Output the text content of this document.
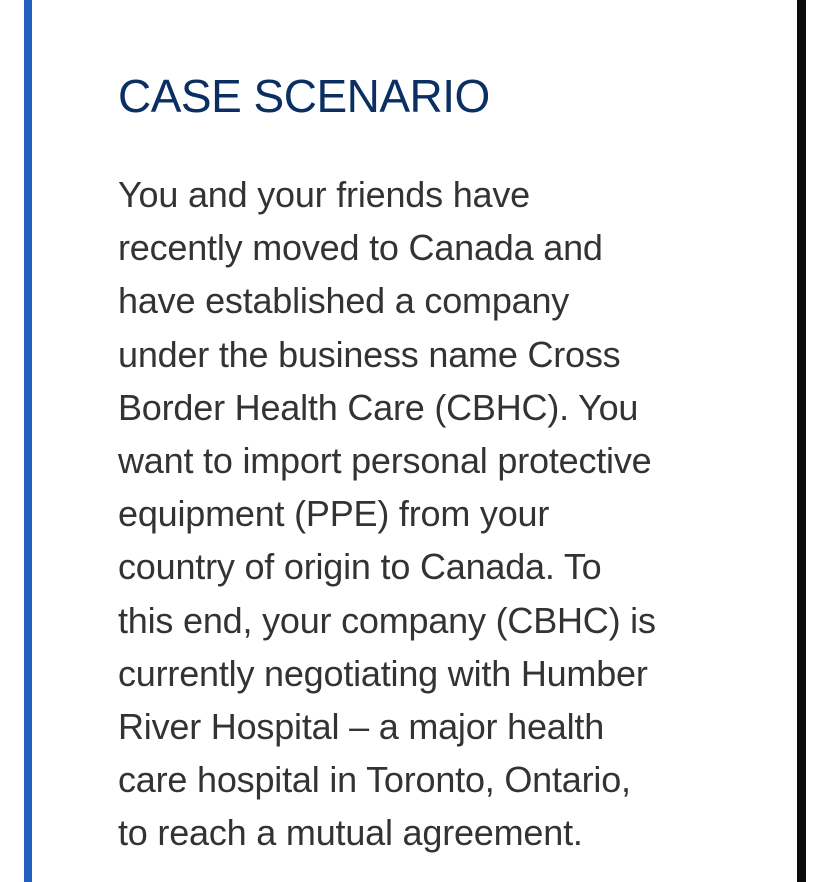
CASE SCENARIO

You and your friends have
recently moved to Canada and
have established a company
under the business name Cross
Border Health Care (CBHC). You
want to import personal protective
equipment (PPE) from your
country of origin to Canada. To
this end, your company (CBHC) is
currently negotiating with Humber
River Hospital – a major health
care hospital in Toronto, Ontario,
to reach a mutual agreement.
